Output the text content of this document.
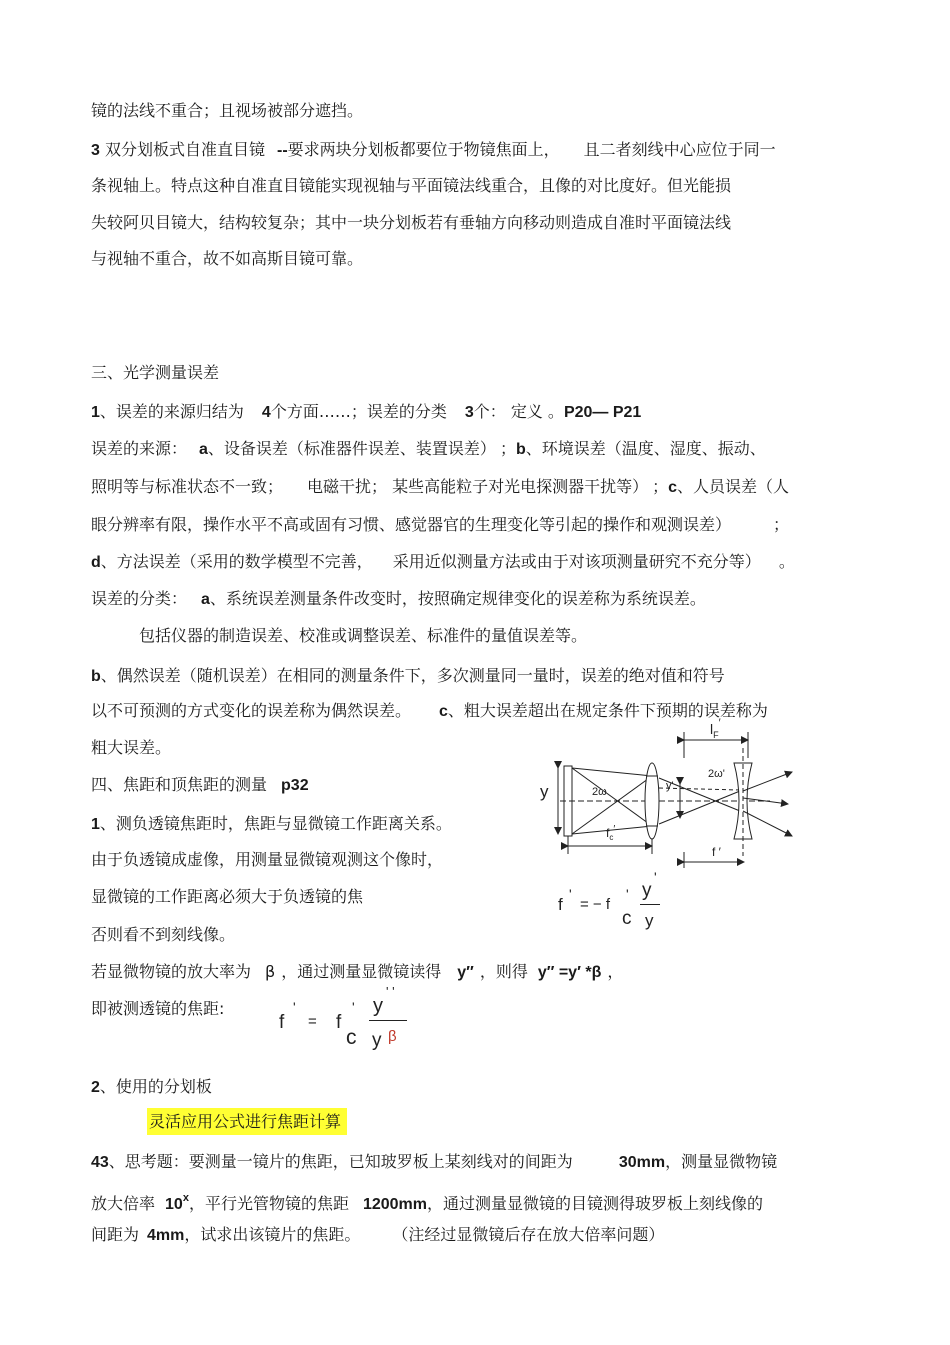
镜的法线不重合；且视场被部分遮挡。
3 双分划板式自准直目镜 --要求两块分划板都要位于物镜焦面上， 且二者刻线中心应位于同一
条视轴上。特点这种自准直目镜能实现视轴与平面镜法线重合，且像的对比度好。但光能损
失较阿贝目镜大，结构较复杂；其中一块分划板若有垂轴方向移动则造成自准时平面镜法线
与视轴不重合，故不如高斯目镜可靠。
三、光学测量误差
1、误差的来源归结为 4个方面……；误差的分类 3个： 定义 。P20— P21
误差的来源： a、设备误差（标准器件误差、装置误差） ；b、环境误差（温度、湿度、振动、
照明等与标准状态不一致； 电磁干扰； 某些高能粒子对光电探测器干扰等） ；c、人员误差（人
眼分辨率有限，操作水平不高或固有习惯、感觉器官的生理变化等引起的操作和观测误差）	；
d、方法误差（采用的数学模型不完善， 采用近似测量方法或由于对该项测量研究不充分等） 。
误差的分类： a、系统误差测量条件改变时，按照确定规律变化的误差称为系统误差。
包括仪器的制造误差、校准或调整误差、标准件的量值误差等。
b、偶然误差（随机误差）在相同的测量条件下，多次测量同一量时，误差的绝对值和符号
以不可预测的方式变化的误差称为偶然误差。 c、粗大误差超出在规定条件下预期的误差称为
粗大误差。
四、焦距和顶焦距的测量 p32
1、测负透镜焦距时，焦距与显微镜工作距离关系。
由于负透镜成虚像，用测量显微镜观测这个像时，
显微镜的工作距离必须大于负透镜的焦
否则看不到刻线像。
若显微物镜的放大率为 β ，通过测量显微镜读得 y″ ，则得 y″ =y′ *β ，
即被测透镜的焦距:
f
'
= − f
'
c
y
'
y
f
'
= f
'
c
y
' '
y β
y	2ω	y'
2ω'
$l_F'$
$f_c'$
f ′
2、使用的分划板
灵活应用公式进行焦距计算
43、思考题：要测量一镜片的焦距，已知玻罗板上某刻线对的间距为	30mm，测量显微物镜
放大倍率 10$^x$，平行光管物镜的焦距 1200mm，通过测量显微镜的目镜测得玻罗板上刻线像的
间距为 4mm，试求出该镜片的焦距。	（注经过显微镜后存在放大倍率问题）
